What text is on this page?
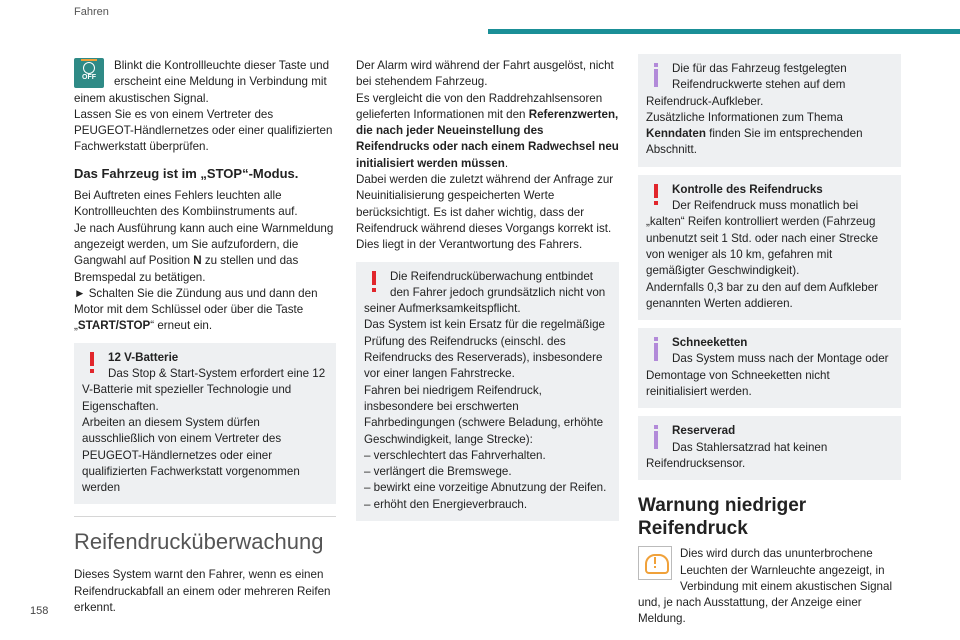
Fahren
OFF

Blinkt die Kontrollleuchte dieser Taste und erscheint eine Meldung in Verbindung mit einem akustischen Signal.

Lassen Sie es von einem Vertreter des PEUGEOT-Händlernetzes oder einer qualifizierten Fachwerkstatt überprüfen.

Das Fahrzeug ist im „STOP“-Modus.

Bei Auftreten eines Fehlers leuchten alle Kontrollleuchten des Kombiinstruments auf.

Je nach Ausführung kann auch eine Warnmeldung angezeigt werden, um Sie aufzufordern, die Gangwahl auf Position N zu stellen und das Bremspedal zu betätigen.

► Schalten Sie die Zündung aus und dann den Motor mit dem Schlüssel oder über die Taste „START/STOP“ erneut ein.

12 V-Batterie

Das Stop & Start-System erfordert eine 12 V-Batterie mit spezieller Technologie und Eigenschaften.

Arbeiten an diesem System dürfen ausschließlich von einem Vertreter des PEUGEOT-Händlernetzes oder einer qualifizierten Fachwerkstatt vorgenommen werden

Reifendrucküberwachung

Dieses System warnt den Fahrer, wenn es einen Reifendruckabfall an einem oder mehreren Reifen erkennt.

Der Alarm wird während der Fahrt ausgelöst, nicht bei stehendem Fahrzeug.

Es vergleicht die von den Raddrehzahlsensoren gelieferten Informationen mit den Referenzwerten, die nach jeder Neueinstellung des Reifendrucks oder nach einem Radwechsel neu initialisiert werden müssen.

Dabei werden die zuletzt während der Anfrage zur Neuinitialisierung gespeicherten Werte berücksichtigt. Es ist daher wichtig, dass der Reifendruck während dieses Vorgangs korrekt ist. Dies liegt in der Verantwortung des Fahrers.

Die Reifendrucküberwachung entbindet den Fahrer jedoch grundsätzlich nicht von seiner Aufmerksamkeitspflicht.

Das System ist kein Ersatz für die regelmäßige Prüfung des Reifendrucks (einschl. des Reifendrucks des Reserverads), insbesondere vor einer langen Fahrstrecke.

Fahren bei niedrigem Reifendruck, insbesondere bei erschwerten Fahrbedingungen (schwere Beladung, erhöhte Geschwindigkeit, lange Strecke):

– verschlechtert das Fahrverhalten.

– verlängert die Bremswege.

– bewirkt eine vorzeitige Abnutzung der Reifen.

– erhöht den Energieverbrauch.

Die für das Fahrzeug festgelegten Reifendruckwerte stehen auf dem Reifendruck-Aufkleber.

Zusätzliche Informationen zum Thema Kenndaten finden Sie im entsprechenden Abschnitt.

Kontrolle des Reifendrucks

Der Reifendruck muss monatlich bei „kalten“ Reifen kontrolliert werden (Fahrzeug unbenutzt seit 1 Std. oder nach einer Strecke von weniger als 10 km, gefahren mit gemäßigter Geschwindigkeit).

Andernfalls 0,3 bar zu den auf dem Aufkleber genannten Werten addieren.

Schneeketten

Das System muss nach der Montage oder Demontage von Schneeketten nicht reinitialisiert werden.

Reserverad

Das Stahlersatzrad hat keinen Reifendrucksensor.

Warnung niedriger Reifendruck

Dies wird durch das ununterbrochene Leuchten der Warnleuchte angezeigt, in Verbindung mit einem akustischen Signal und, je nach Ausstattung, der Anzeige einer Meldung.

158
